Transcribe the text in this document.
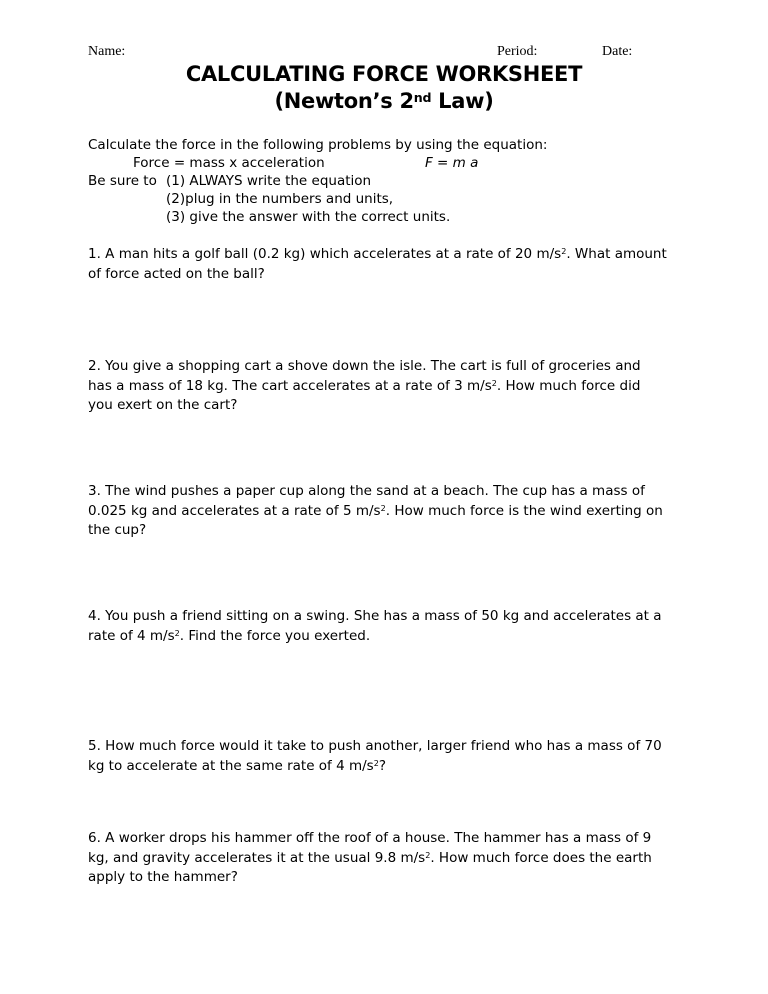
Name:	Period:	Date:
CALCULATING FORCE WORKSHEET
(Newton’s 2nd Law)
Calculate the force in the following problems by using the equation:
Force = mass x acceleration	F = m a
Be sure to (1) ALWAYS write the equation
(2)plug in the numbers and units,
(3) give the answer with the correct units.
1. A man hits a golf ball (0.2 kg) which accelerates at a rate of 20 $m/s^2$. What amount
of force acted on the ball?
2. You give a shopping cart a shove down the isle. The cart is full of groceries and
has a mass of 18 kg. The cart accelerates at a rate of 3 $m/s^2$. How much force did
you exert on the cart?
3. The wind pushes a paper cup along the sand at a beach. The cup has a mass of
0.025 kg and accelerates at a rate of 5 $m/s^2$. How much force is the wind exerting on
the cup?
4. You push a friend sitting on a swing. She has a mass of 50 kg and accelerates at a
rate of 4 $m/s^2$. Find the force you exerted.
5. How much force would it take to push another, larger friend who has a mass of 70
kg to accelerate at the same rate of 4 $m/s^2$?
6. A worker drops his hammer off the roof of a house. The hammer has a mass of 9
kg, and gravity accelerates it at the usual 9.8 $m/s^2$. How much force does the earth
apply to the hammer?
